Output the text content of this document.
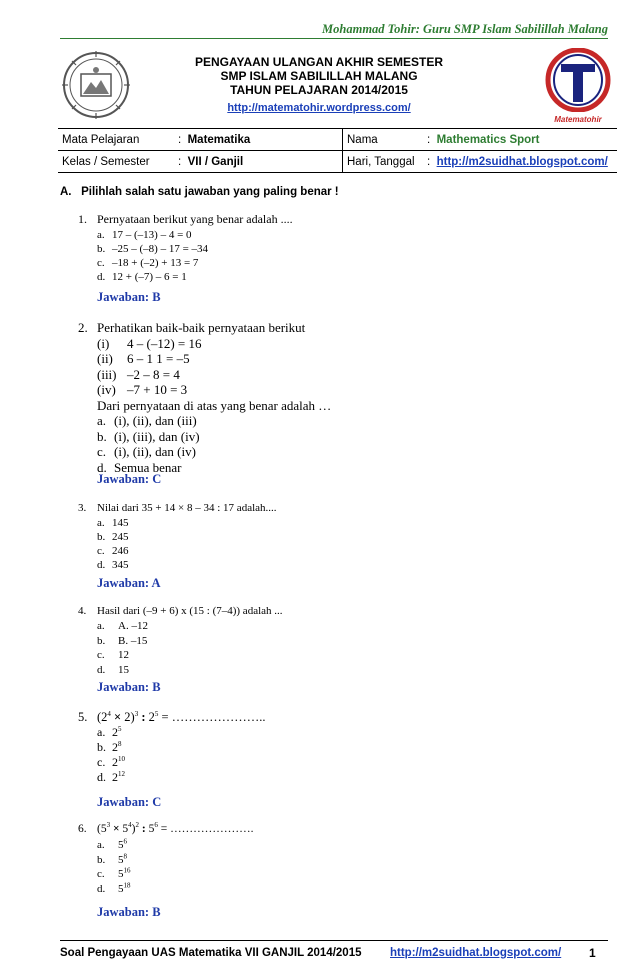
Mohammad Tohir: Guru SMP Islam Sabilillah Malang
PENGAYAAN ULANGAN AKHIR SEMESTER
SMP ISLAM SABILILLAH MALANG
TAHUN PELAJARAN 2014/2015
http://matematohir.wordpress.com/
Matematohir
Mata Pelajaran	: Matematika	Nama	: Mathematics Sport
Kelas / Semester	: VII / Ganjil	Hari, Tanggal	: http://m2suidhat.blogspot.com/
A. Pilihlah salah satu jawaban yang paling benar !
1. Pernyataan berikut yang benar adalah ....
a. 17 – (–13) – 4 = 0
b. –25 – (–8) – 17 = –34
c. –18 + (–2) + 13 = 7
d. 12 + (–7) – 6 = 1
Jawaban: B
2. Perhatikan baik-baik pernyataan berikut
(i) 4 – (–12) = 16
(ii) 6 – 1 1 = –5
(iii) –2 – 8 = 4
(iv) –7 + 10 = 3
Dari pernyataan di atas yang benar adalah …
a. (i), (ii), dan (iii)
b. (i), (iii), dan (iv)
c. (i), (ii), dan (iv)
d. Semua benar
Jawaban: C
3. Nilai dari 35 + 14 × 8 – 34 : 17 adalah....
a. 145
b. 245
c. 246
d. 345
Jawaban: A
4. Hasil dari (–9 + 6) x (15 : (7–4)) adalah ...
a. A. –12
b. B. –15
c. 12
d. 15
Jawaban: B
5. $(2^4 \times 2)^3$ : $2^5$ = …………………..
a. $2^5$
b. $2^8$
c. $2^{10}$
d. $2^{12}$
Jawaban: C
6. $(5^3 \times 5^4)^2$ : $5^6$ = ………………….
a. $5^6$
b. $5^8$
c. $5^{16}$
d. $5^{18}$
Jawaban: B
Soal Pengayaan UAS Matematika VII GANJIL 2014/2015 http://m2suidhat.blogspot.com/ 1
